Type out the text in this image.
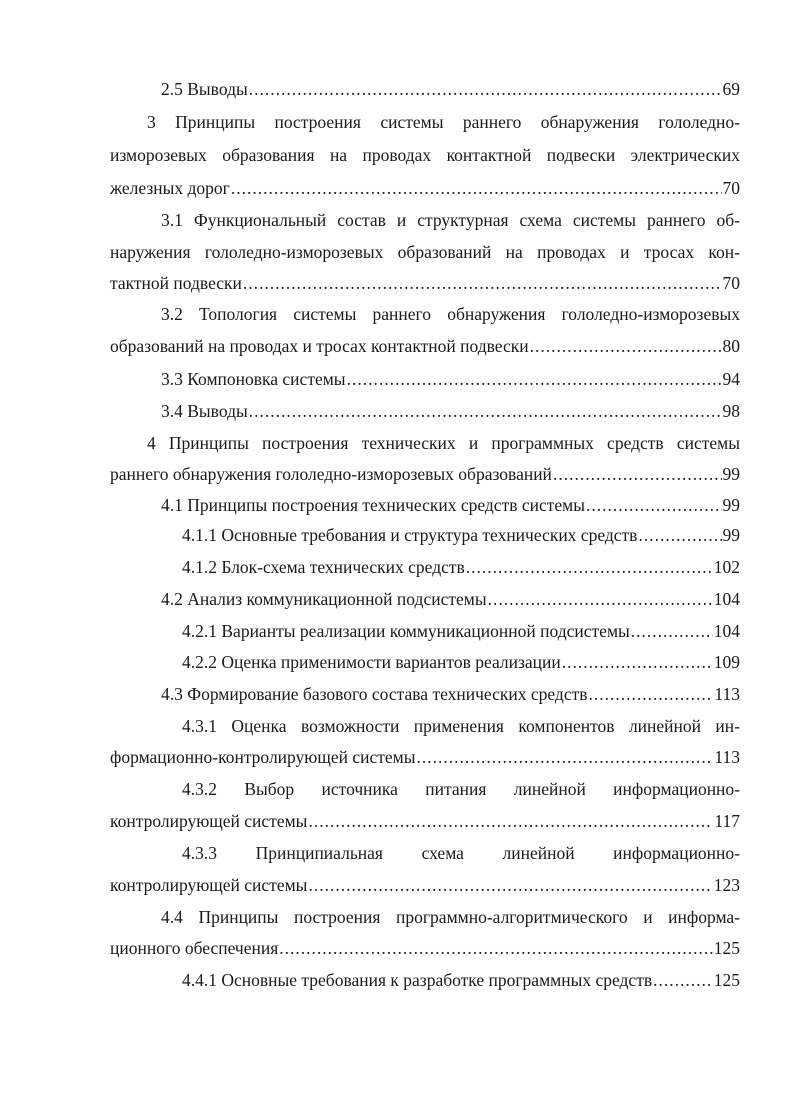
2.5 Выводы .....	69
3 Принципы построения системы раннего обнаружения гололедно-
изморозевых образования на проводах контактной подвески электрических
железных дорог .....	70
3.1 Функциональный состав и структурная схема системы раннего об-
наружения гололедно-изморозевых образований на проводах и тросах кон-
тактной подвески .....	70
3.2 Топология системы раннего обнаружения гололедно-изморозевых
образований на проводах и тросах контактной подвески .....	80
3.3 Компоновка системы .....	94
3.4 Выводы .....	98
4 Принципы построения технических и программных средств системы
раннего обнаружения гололедно-изморозевых образований .....	99
4.1 Принципы построения технических средств системы .....	99
4.1.1 Основные требования и структура технических средств .....	99
4.1.2 Блок-схема технических средств .....	102
4.2 Анализ коммуникационной подсистемы .....	104
4.2.1 Варианты реализации коммуникационной подсистемы .....	104
4.2.2 Оценка применимости вариантов реализации .....	109
4.3 Формирование базового состава технических средств .....	113
4.3.1 Оценка возможности применения компонентов линейной ин-
формационно-контролирующей системы .....	113
4.3.2 Выбор источника питания линейной информационно-
контролирующей системы .....	117
4.3.3 Принципиальная схема линейной информационно-
контролирующей системы .....	123
4.4 Принципы построения программно-алгоритмического и информа-
ционного обеспечения .....	125
4.4.1 Основные требования к разработке программных средств .....	125
